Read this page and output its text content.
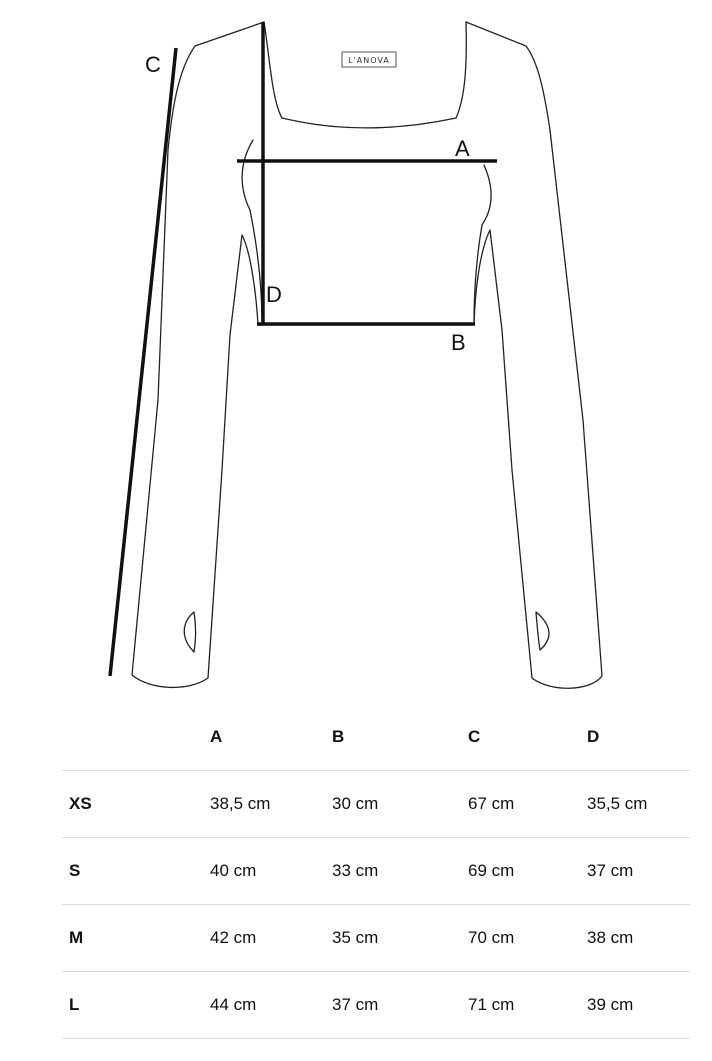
L'ANOVA
C
A
D
B
	A	B	C	D
XS	38,5 cm	30 cm	67 cm	35,5 cm
S	40 cm	33 cm	69 cm	37 cm
M	42 cm	35 cm	70 cm	38 cm
L	44 cm	37 cm	71 cm	39 cm
